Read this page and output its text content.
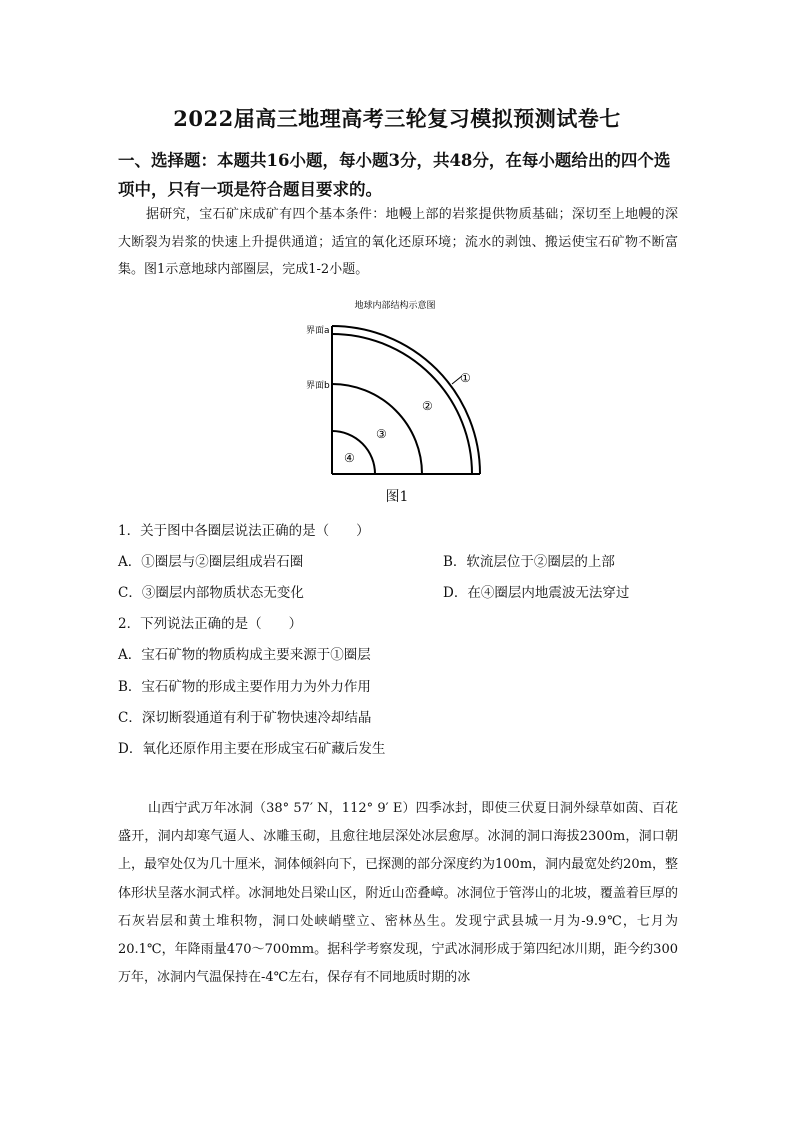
2022届高三地理高考三轮复习模拟预测试卷七
一、选择题：本题共16小题，每小题3分，共48分，在每小题给出的四个选项中，只有一项是符合题目要求的。
据研究，宝石矿床成矿有四个基本条件：地幔上部的岩浆提供物质基础；深切至上地幔的深大断裂为岩浆的快速上升提供通道；适宜的氧化还原环境；流水的剥蚀、搬运使宝石矿物不断富集。图1示意地球内部圈层，完成1-2小题。
地球内部结构示意图
界面a
界面b
①
②
③
④
图1
1．关于图中各圈层说法正确的是（　　）
A．①圈层与②圈层组成岩石圈	B．软流层位于②圈层的上部
C．③圈层内部物质状态无变化	D．在④圈层内地震波无法穿过
2．下列说法正确的是（　　）
A．宝石矿物的物质构成主要来源于①圈层
B．宝石矿物的形成主要作用力为外力作用
C．深切断裂通道有利于矿物快速冷却结晶
D．氧化还原作用主要在形成宝石矿藏后发生
山西宁武万年冰洞（38° 57′ N，112° 9′ E）四季冰封，即使三伏夏日洞外绿草如茵、百花盛开，洞内却寒气逼人、冰雕玉砌，且愈往地层深处冰层愈厚。冰洞的洞口海拔2300m，洞口朝上，最窄处仅为几十厘米，洞体倾斜向下，已探测的部分深度约为100m，洞内最宽处约20m，整体形状呈落水洞式样。冰洞地处吕梁山区，附近山峦叠嶂。冰洞位于管涔山的北坡，覆盖着巨厚的石灰岩层和黄土堆积物，洞口处峡峭壁立、密林丛生。发现宁武县城一月为-9.9℃，七月为20.1℃，年降雨量470～700mm。据科学考察发现，宁武冰洞形成于第四纪冰川期，距今约300万年，冰洞内气温保持在-4℃左右，保存有不同地质时期的冰
